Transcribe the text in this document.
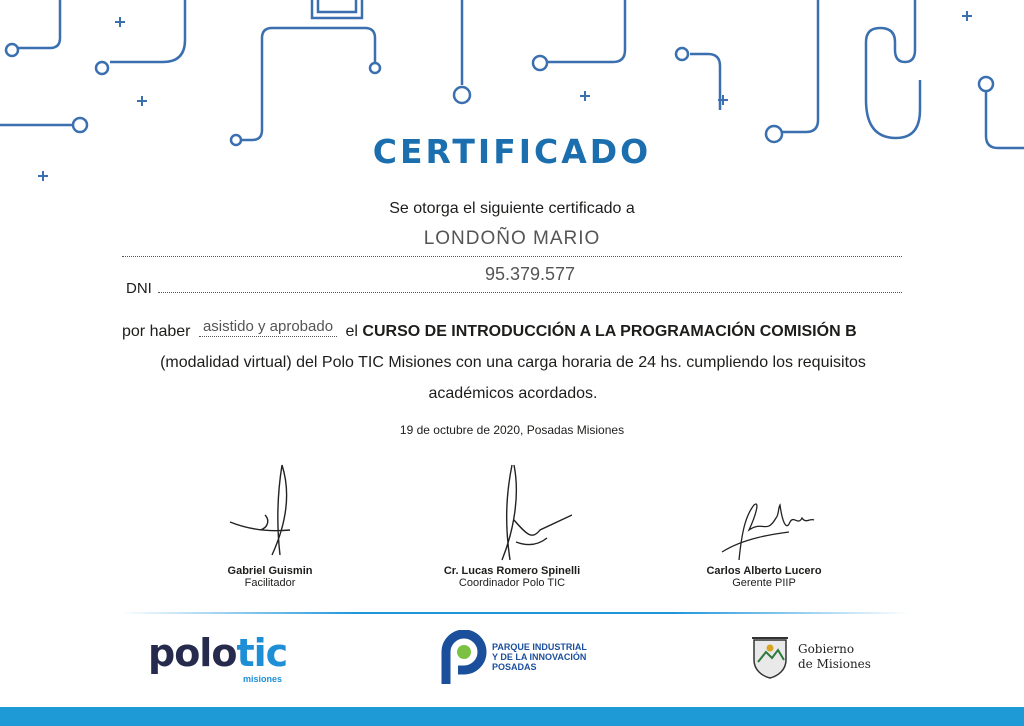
CERTIFICADO
Se otorga el siguiente certificado a
LONDOÑO MARIO
DNI
95.379.577
por haber asistido y aprobado el CURSO DE INTRODUCCIÓN A LA PROGRAMACIÓN COMISIÓN B
(modalidad virtual) del Polo TIC Misiones con una carga horaria de 24 hs. cumpliendo los requisitos
académicos acordados.
19 de octubre de 2020, Posadas Misiones
Gabriel Guismin
Facilitador
Cr. Lucas Romero Spinelli
Coordinador Polo TIC
Carlos Alberto Lucero
Gerente PIIP
polotic
misiones
PARQUE INDUSTRIAL
Y DE LA INNOVACIÓN
POSADAS
Gobierno
de Misiones
